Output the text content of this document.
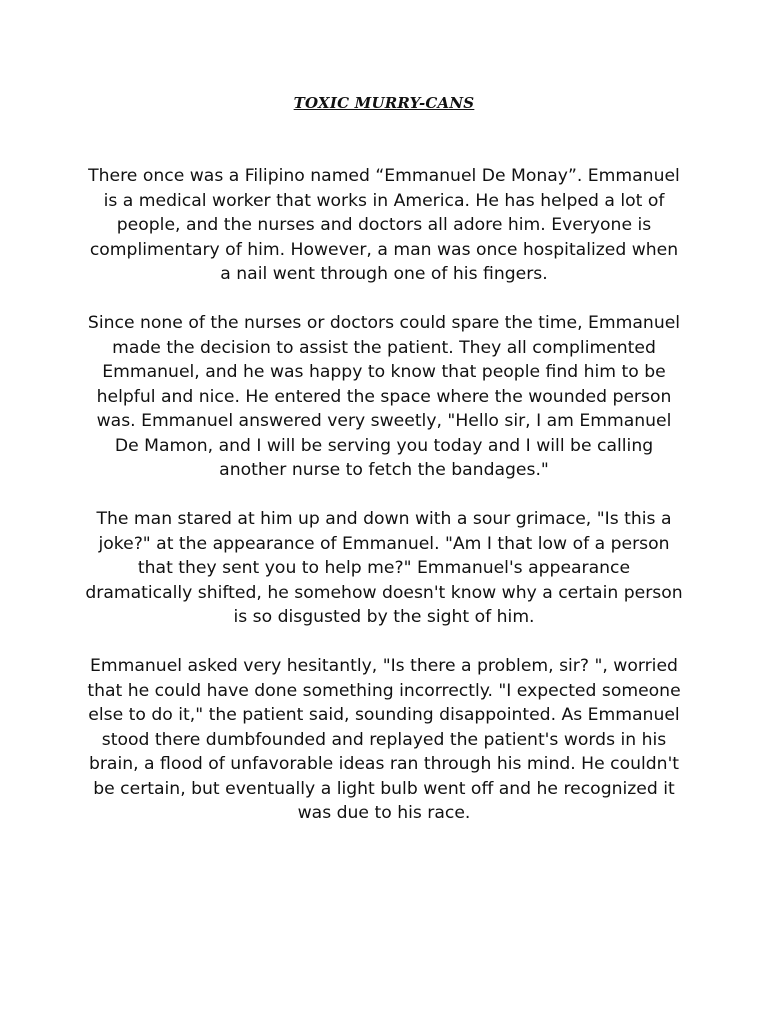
TOXIC MURRY-CANS

There once was a Filipino named “Emmanuel De Monay”. Emmanuel is a medical worker that works in America. He has helped a lot of people, and the nurses and doctors all adore him. Everyone is complimentary of him. However, a man was once hospitalized when a nail went through one of his fingers.

Since none of the nurses or doctors could spare the time, Emmanuel made the decision to assist the patient. They all complimented Emmanuel, and he was happy to know that people find him to be helpful and nice. He entered the space where the wounded person was. Emmanuel answered very sweetly, "Hello sir, I am Emmanuel De Mamon, and I will be serving you today and I will be calling another nurse to fetch the bandages."

The man stared at him up and down with a sour grimace, "Is this a joke?" at the appearance of Emmanuel. "Am I that low of a person that they sent you to help me?" Emmanuel's appearance dramatically shifted, he somehow doesn't know why a certain person is so disgusted by the sight of him.

Emmanuel asked very hesitantly, "Is there a problem, sir? ", worried that he could have done something incorrectly. "I expected someone else to do it," the patient said, sounding disappointed. As Emmanuel stood there dumbfounded and replayed the patient's words in his brain, a flood of unfavorable ideas ran through his mind. He couldn't be certain, but eventually a light bulb went off and he recognized it was due to his race.
